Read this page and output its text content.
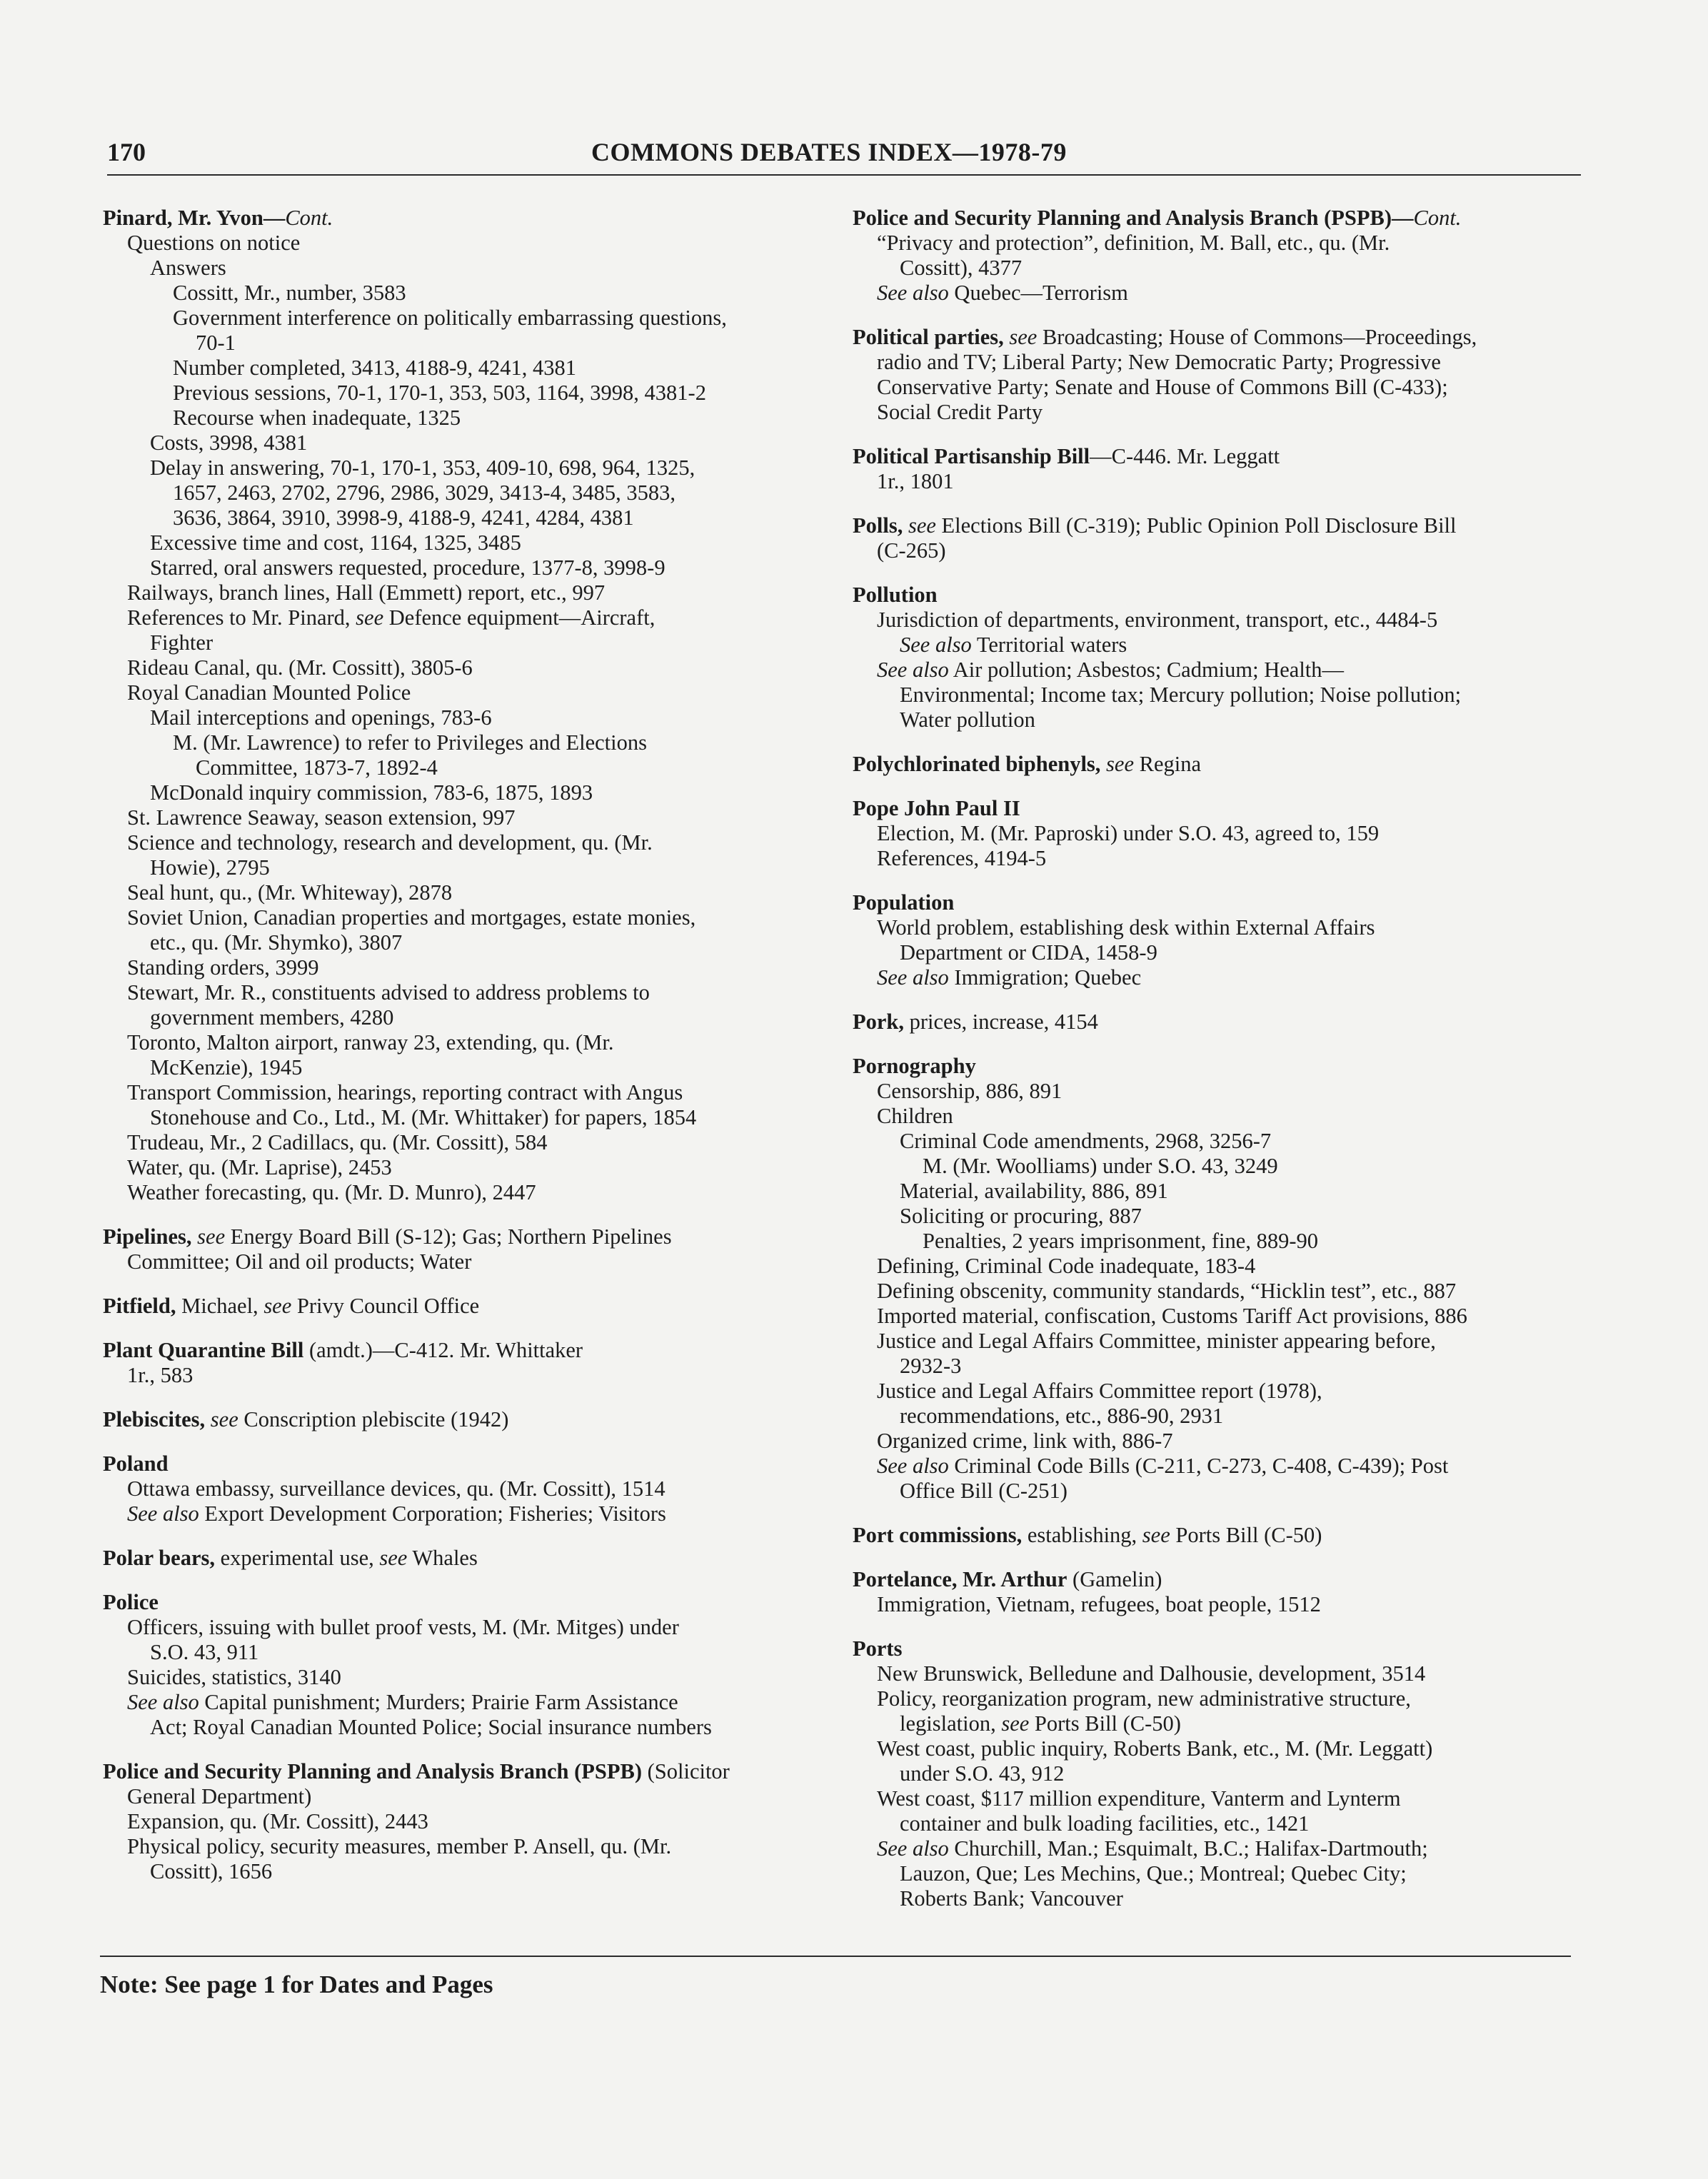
170	COMMONS DEBATES INDEX—1978-79
Pinard, Mr. Yvon—Cont.
Questions on notice
Answers
Cossitt, Mr., number, 3583
Government interference on politically embarrassing questions,
70-1
Number completed, 3413, 4188-9, 4241, 4381
Previous sessions, 70-1, 170-1, 353, 503, 1164, 3998, 4381-2
Recourse when inadequate, 1325
Costs, 3998, 4381
Delay in answering, 70-1, 170-1, 353, 409-10, 698, 964, 1325,
1657, 2463, 2702, 2796, 2986, 3029, 3413-4, 3485, 3583,
3636, 3864, 3910, 3998-9, 4188-9, 4241, 4284, 4381
Excessive time and cost, 1164, 1325, 3485
Starred, oral answers requested, procedure, 1377-8, 3998-9
Railways, branch lines, Hall (Emmett) report, etc., 997
References to Mr. Pinard, see Defence equipment—Aircraft,
Fighter
Rideau Canal, qu. (Mr. Cossitt), 3805-6
Royal Canadian Mounted Police
Mail interceptions and openings, 783-6
M. (Mr. Lawrence) to refer to Privileges and Elections
Committee, 1873-7, 1892-4
McDonald inquiry commission, 783-6, 1875, 1893
St. Lawrence Seaway, season extension, 997
Science and technology, research and development, qu. (Mr.
Howie), 2795
Seal hunt, qu., (Mr. Whiteway), 2878
Soviet Union, Canadian properties and mortgages, estate monies,
etc., qu. (Mr. Shymko), 3807
Standing orders, 3999
Stewart, Mr. R., constituents advised to address problems to
government members, 4280
Toronto, Malton airport, ranway 23, extending, qu. (Mr.
McKenzie), 1945
Transport Commission, hearings, reporting contract with Angus
Stonehouse and Co., Ltd., M. (Mr. Whittaker) for papers, 1854
Trudeau, Mr., 2 Cadillacs, qu. (Mr. Cossitt), 584
Water, qu. (Mr. Laprise), 2453
Weather forecasting, qu. (Mr. D. Munro), 2447
Pipelines, see Energy Board Bill (S-12); Gas; Northern Pipelines
Committee; Oil and oil products; Water
Pitfield, Michael, see Privy Council Office
Plant Quarantine Bill (amdt.)—C-412. Mr. Whittaker
1r., 583
Plebiscites, see Conscription plebiscite (1942)
Poland
Ottawa embassy, surveillance devices, qu. (Mr. Cossitt), 1514
See also Export Development Corporation; Fisheries; Visitors
Polar bears, experimental use, see Whales
Police
Officers, issuing with bullet proof vests, M. (Mr. Mitges) under
S.O. 43, 911
Suicides, statistics, 3140
See also Capital punishment; Murders; Prairie Farm Assistance
Act; Royal Canadian Mounted Police; Social insurance numbers
Police and Security Planning and Analysis Branch (PSPB) (Solicitor
General Department)
Expansion, qu. (Mr. Cossitt), 2443
Physical policy, security measures, member P. Ansell, qu. (Mr.
Cossitt), 1656
Police and Security Planning and Analysis Branch (PSPB)—Cont.
“Privacy and protection”, definition, M. Ball, etc., qu. (Mr.
Cossitt), 4377
See also Quebec—Terrorism
Political parties, see Broadcasting; House of Commons—Proceedings,
radio and TV; Liberal Party; New Democratic Party; Progressive
Conservative Party; Senate and House of Commons Bill (C-433);
Social Credit Party
Political Partisanship Bill—C-446. Mr. Leggatt
1r., 1801
Polls, see Elections Bill (C-319); Public Opinion Poll Disclosure Bill
(C-265)
Pollution
Jurisdiction of departments, environment, transport, etc., 4484-5
See also Territorial waters
See also Air pollution; Asbestos; Cadmium; Health—
Environmental; Income tax; Mercury pollution; Noise pollution;
Water pollution
Polychlorinated biphenyls, see Regina
Pope John Paul II
Election, M. (Mr. Paproski) under S.O. 43, agreed to, 159
References, 4194-5
Population
World problem, establishing desk within External Affairs
Department or CIDA, 1458-9
See also Immigration; Quebec
Pork, prices, increase, 4154
Pornography
Censorship, 886, 891
Children
Criminal Code amendments, 2968, 3256-7
M. (Mr. Woolliams) under S.O. 43, 3249
Material, availability, 886, 891
Soliciting or procuring, 887
Penalties, 2 years imprisonment, fine, 889-90
Defining, Criminal Code inadequate, 183-4
Defining obscenity, community standards, “Hicklin test”, etc., 887
Imported material, confiscation, Customs Tariff Act provisions, 886
Justice and Legal Affairs Committee, minister appearing before,
2932-3
Justice and Legal Affairs Committee report (1978),
recommendations, etc., 886-90, 2931
Organized crime, link with, 886-7
See also Criminal Code Bills (C-211, C-273, C-408, C-439); Post
Office Bill (C-251)
Port commissions, establishing, see Ports Bill (C-50)
Portelance, Mr. Arthur (Gamelin)
Immigration, Vietnam, refugees, boat people, 1512
Ports
New Brunswick, Belledune and Dalhousie, development, 3514
Policy, reorganization program, new administrative structure,
legislation, see Ports Bill (C-50)
West coast, public inquiry, Roberts Bank, etc., M. (Mr. Leggatt)
under S.O. 43, 912
West coast, $117 million expenditure, Vanterm and Lynterm
container and bulk loading facilities, etc., 1421
See also Churchill, Man.; Esquimalt, B.C.; Halifax-Dartmouth;
Lauzon, Que; Les Mechins, Que.; Montreal; Quebec City;
Roberts Bank; Vancouver
Note: See page 1 for Dates and Pages
